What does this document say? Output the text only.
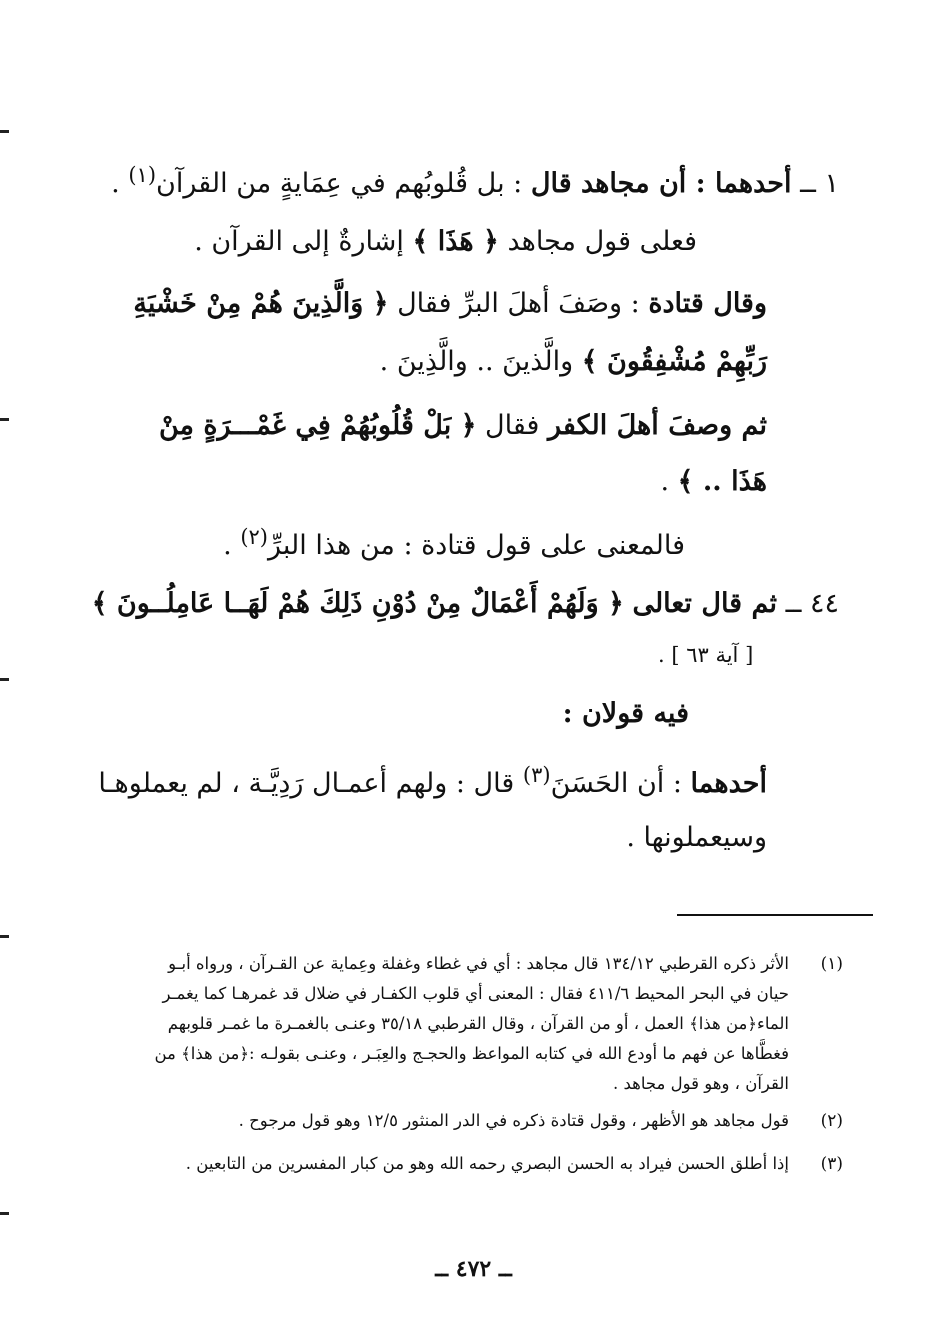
١ ــ أحدهما : أن مجاهد قال : بل قُلوبُهم في عِمَايةٍ من القرآن$^{(١)}$ .
فعلى قول مجاهد ﴿ هَذَا ﴾ إشارةٌ إلى القرآن .
وقال قتادة : وصَفَ أهلَ البرِّ فقال ﴿ وَالَّذِينَ هُمْ مِنْ خَشْيَةِ
رَبِّهِمْ مُشْفِقُونَ ﴾ والَّذينَ .. والَّذِينَ .
ثم وصفَ أهلَ الكفر فقال ﴿ بَلْ قُلُوبُهُمْ فِي غَمْـــرَةٍ مِنْ
هَذَا .. ﴾ .
فالمعنى على قول قتادة : من هذا البرِّ$^{(٢)}$ .
٤٤ ــ ثم قال تعالى ﴿ وَلَهُمْ أَعْمَالٌ مِنْ دُوْنِ ذَلِكَ هُمْ لَهَــا عَامِلُــونَ ﴾
[ آية ٦٣ ] .
فيه قولان :
أحدهما : أن الحَسَنَ$^{(٣)}$ قال : ولهم أعمـال رَدِيَّـة ، لم يعملوهـا
وسيعملونها .
(١)
الأثر ذكره القرطبي ١٣٤/١٢ قال مجاهد : أي في غطاء وغفلة وعِماية عن القـرآن ، ورواه أبـو
حيان في البحر المحيط ٤١١/٦ فقال : المعنى أي قلوب الكفـار في ضلال قد غمرهـا كما يغمـر
الماء﴿من هذا﴾ العمل ، أو من القرآن ، وقال القرطبي ٣٥/١٨ وعنـى بالغمـرة ما غمـر قلوبهم
فغطَّاها عن فهم ما أودع الله في كتابه المواعظ والحجـج والعِبَـر ، وعنـى بقولـه :﴿من هذا﴾ من
القرآن ، وهو قول مجاهد .
(٢)
قول مجاهد هو الأظهر ، وقول قتادة ذكره في الدر المنثور ١٢/٥ وهو قول مرجوح .
(٣)
إذا أطلق الحسن فيراد به الحسن البصري رحمه الله وهو من كبار المفسرين من التابعين .
ــ ٤٧٢ ــ
